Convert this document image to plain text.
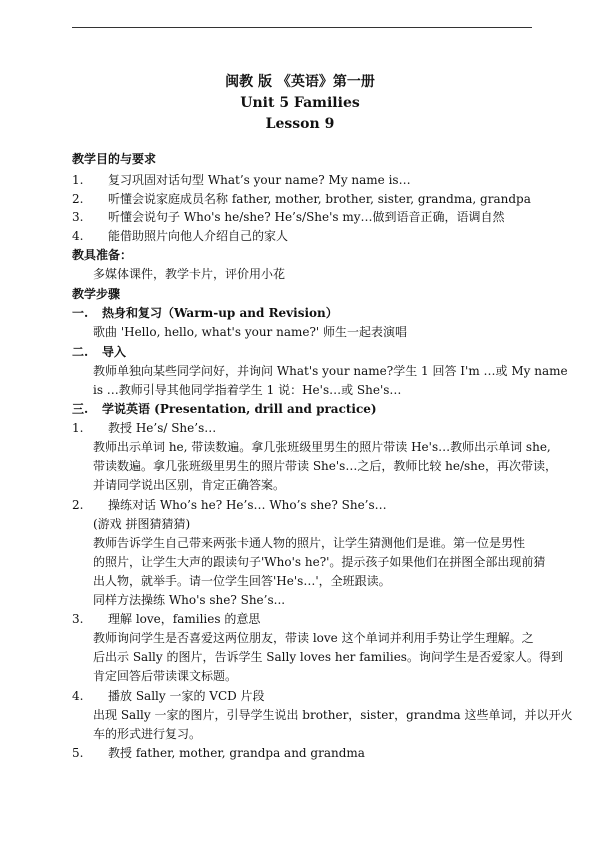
闽教 版 《英语》第一册
Unit 5 Families
Lesson 9
教学目的与要求
1. 复习巩固对话句型 What’s your name? My name is…
2. 听懂会说家庭成员名称 father, mother, brother, sister, grandma, grandpa
3. 听懂会说句子 Who's he/she? He’s/She's my…做到语音正确，语调自然
4. 能借助照片向他人介绍自己的家人
教具准备：
多媒体课件，教学卡片，评价用小花
教学步骤
一. 热身和复习（Warm-up and Revision）
歌曲 'Hello, hello, what's your name?' 师生一起表演唱
二. 导入
教师单独向某些同学问好，并询问 What's your name?学生 1 回答 I'm …或 My name
is …教师引导其他同学指着学生 1 说：He's…或 She's…
三. 学说英语 (Presentation, drill and practice)
1. 教授 He’s/ She’s…
教师出示单词 he, 带读数遍。拿几张班级里男生的照片带读 He's…教师出示单词 she,
带读数遍。拿几张班级里男生的照片带读 She's…之后，教师比较 he/she，再次带读，
并请同学说出区别，肯定正确答案。
2. 操练对话 Who’s he? He’s… Who’s she? She’s…
(游戏 拼图猜猜猜)
教师告诉学生自己带来两张卡通人物的照片，让学生猜测他们是谁。第一位是男性
的照片，让学生大声的跟读句子'Who's he?'。提示孩子如果他们在拼图全部出现前猜
出人物，就举手。请一位学生回答'He's…'，全班跟读。
同样方法操练 Who's she? She’s...
3. 理解 love，families 的意思
教师询问学生是否喜爱这两位朋友，带读 love 这个单词并利用手势让学生理解。之
后出示 Sally 的图片，告诉学生 Sally loves her families。询问学生是否爱家人。得到
肯定回答后带读课文标题。
4. 播放 Sally 一家的 VCD 片段
出现 Sally 一家的图片，引导学生说出 brother，sister，grandma 这些单词，并以开火
车的形式进行复习。
5. 教授 father, mother, grandpa and grandma
